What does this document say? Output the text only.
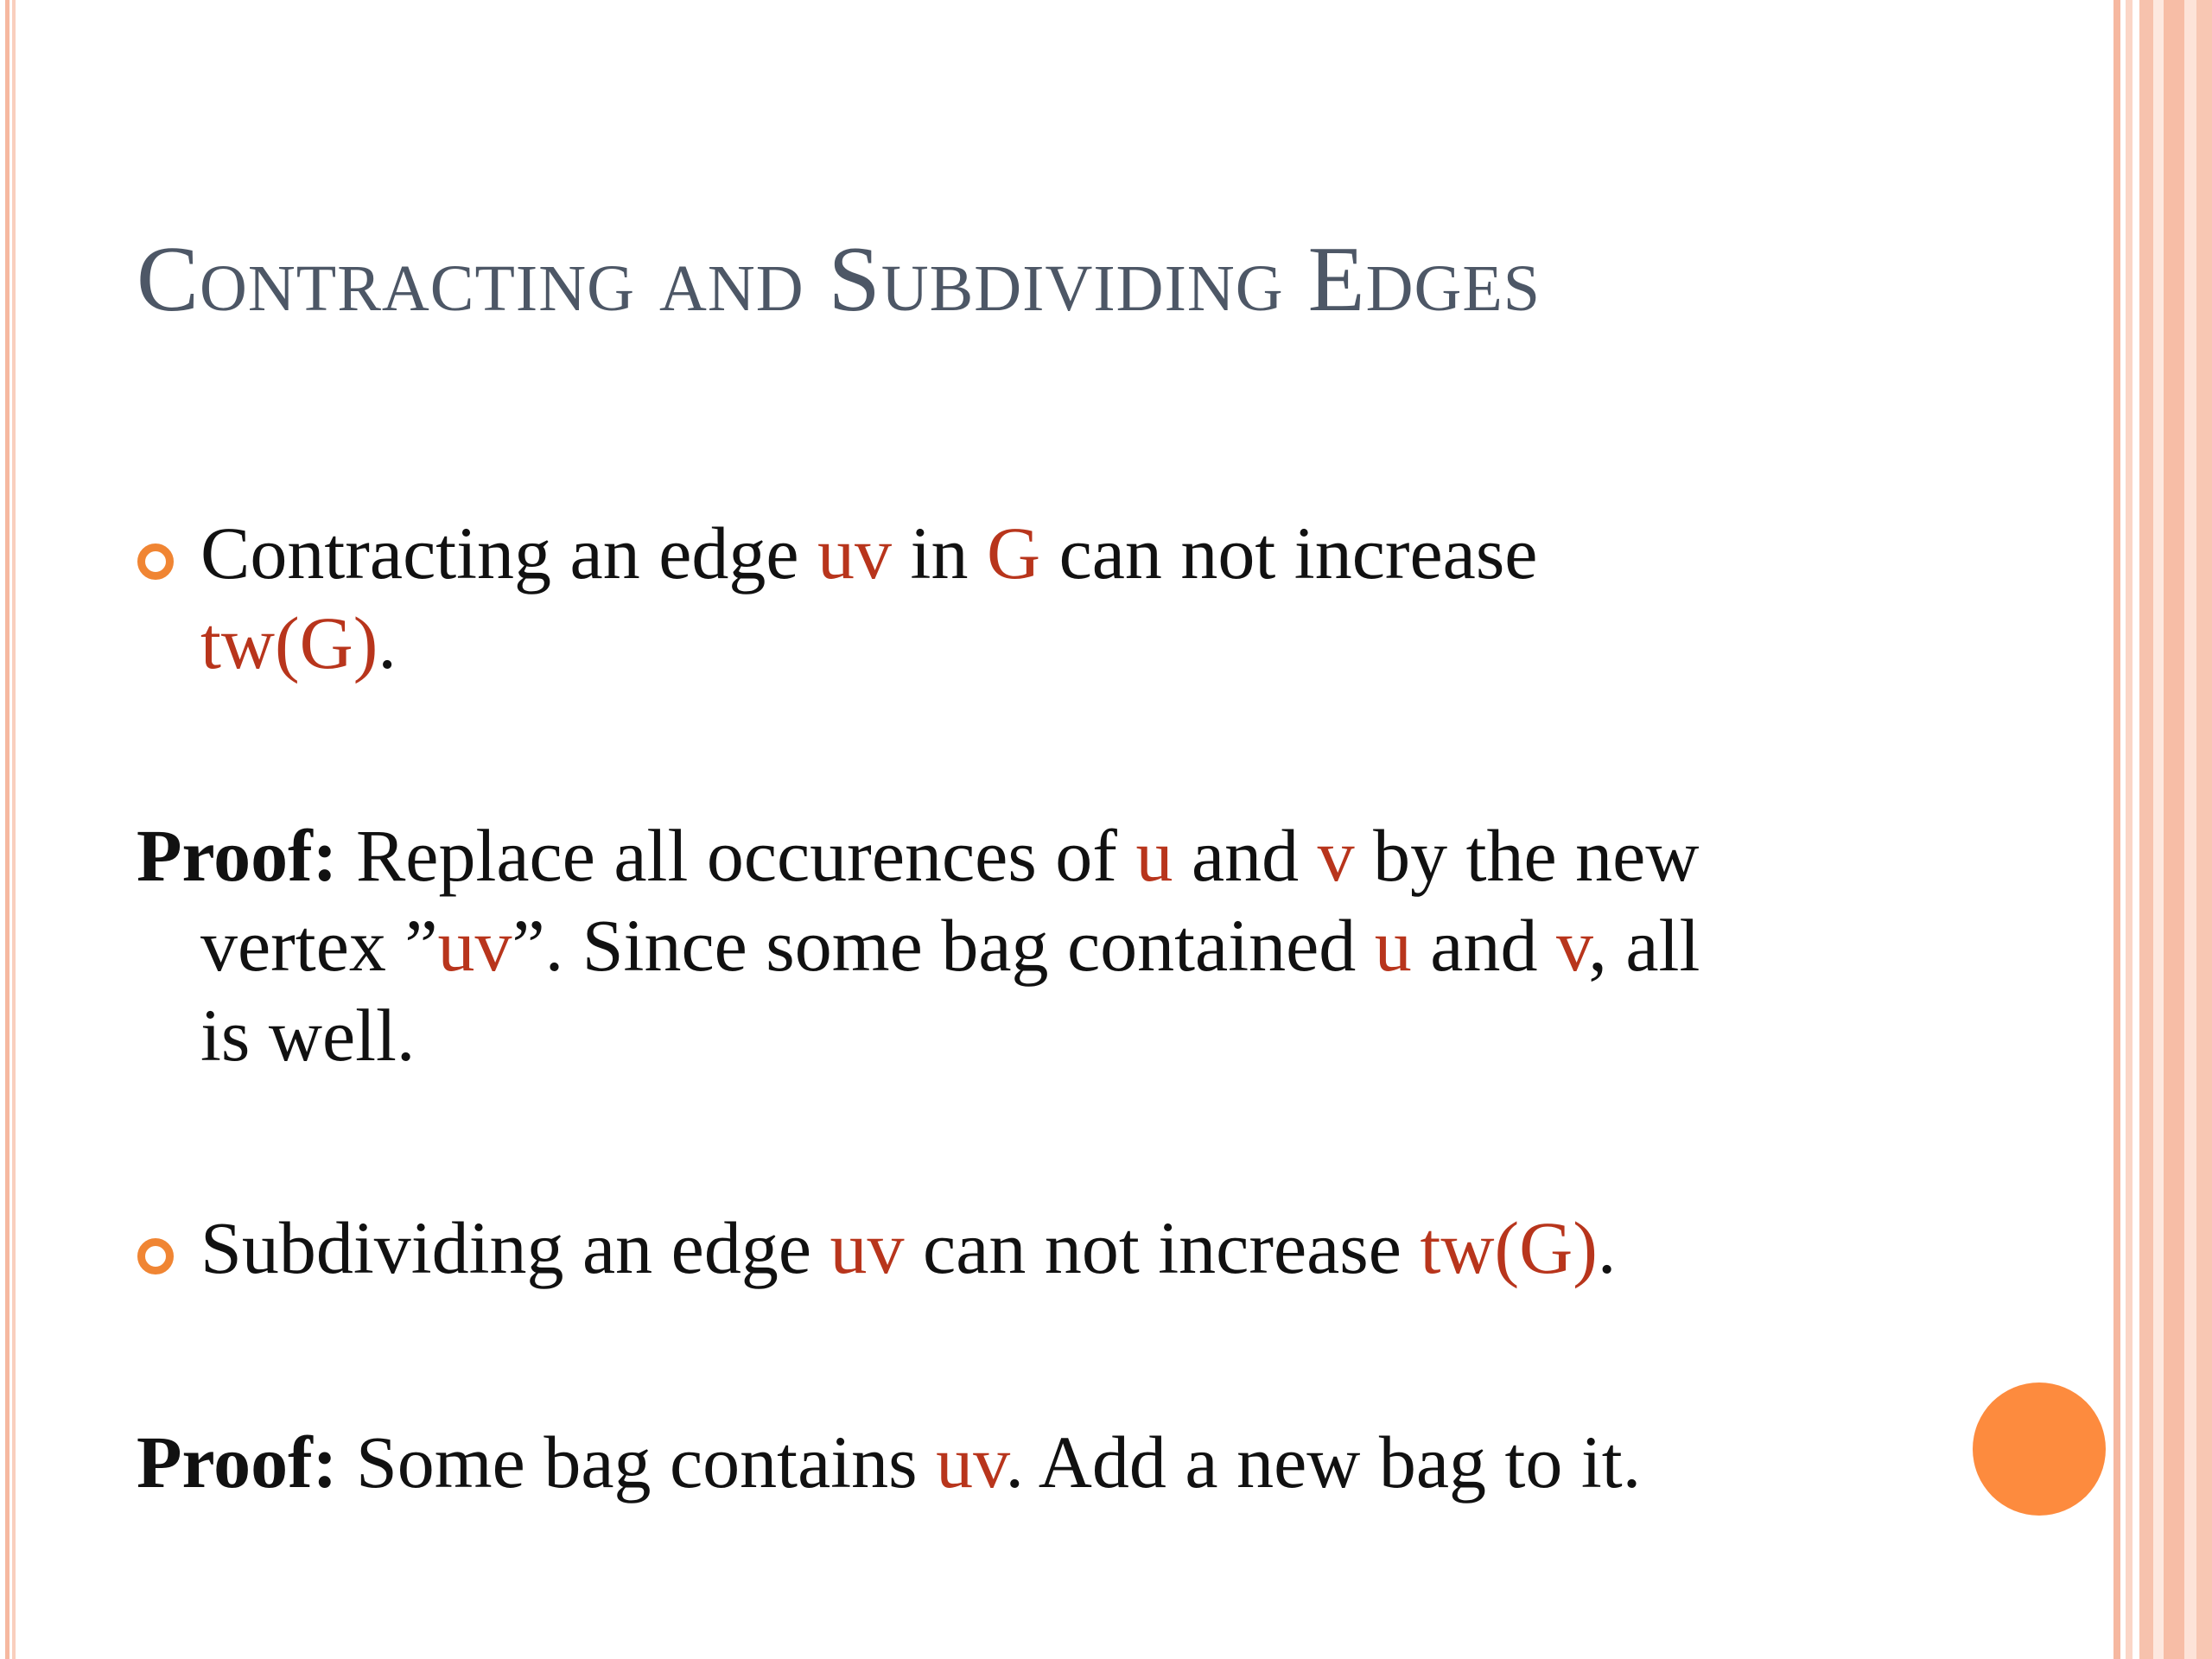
Contracting and Subdividing Edges
Contracting an edge uv in G can not increase
tw(G).
Proof: Replace all occurences of u and v by the new
vertex ”uv”. Since some bag contained u and v, all
is well.
Subdividing an edge uv can not increase tw(G).
Proof: Some bag contains uv. Add a new bag to it.
